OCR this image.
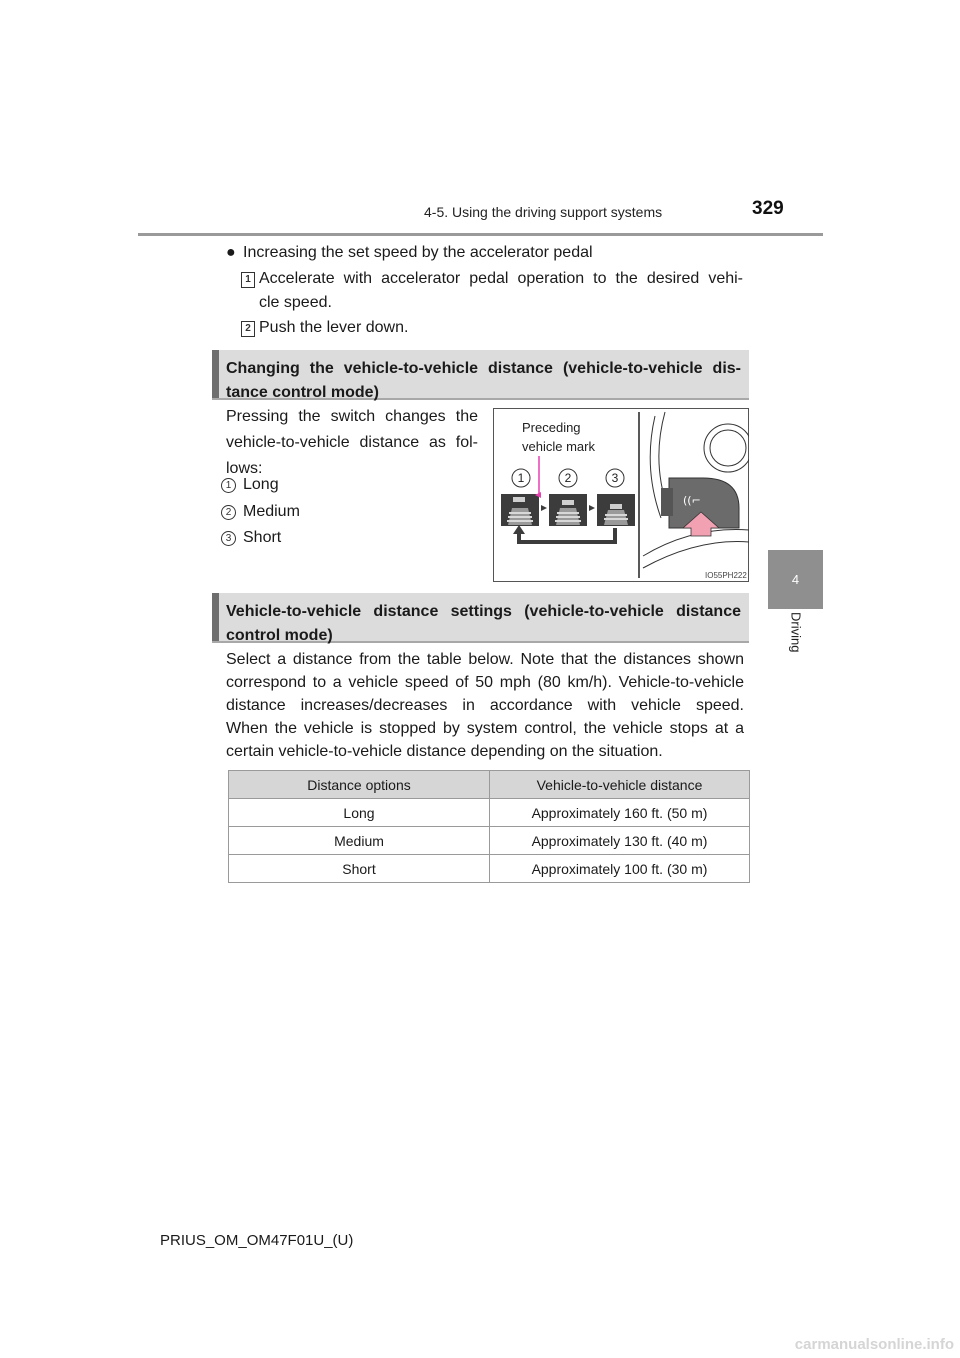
4-5. Using the driving support systems	329
4
Driving
● Increasing the set speed by the accelerator pedal
1 Accelerate with accelerator pedal operation to the desired vehi-
cle speed.
2 Push the lever down.
Changing the vehicle-to-vehicle distance (vehicle-to-vehicle dis-
tance control mode)
Pressing the switch changes the
vehicle-to-vehicle distance as fol-
lows:
1 Long
2 Medium
3 Short
Preceding
vehicle mark
1	2	3
((⌐
IO55PH222
Vehicle-to-vehicle distance settings (vehicle-to-vehicle distance
control mode)
Select a distance from the table below. Note that the distances shown
correspond to a vehicle speed of 50 mph (80 km/h). Vehicle-to-vehicle
distance increases/decreases in accordance with vehicle speed.
When the vehicle is stopped by system control, the vehicle stops at a
certain vehicle-to-vehicle distance depending on the situation.
Distance options	Vehicle-to-vehicle distance
Long	Approximately 160 ft. (50 m)
Medium	Approximately 130 ft. (40 m)
Short	Approximately 100 ft. (30 m)
PRIUS_OM_OM47F01U_(U)
carmanualsonline.info
